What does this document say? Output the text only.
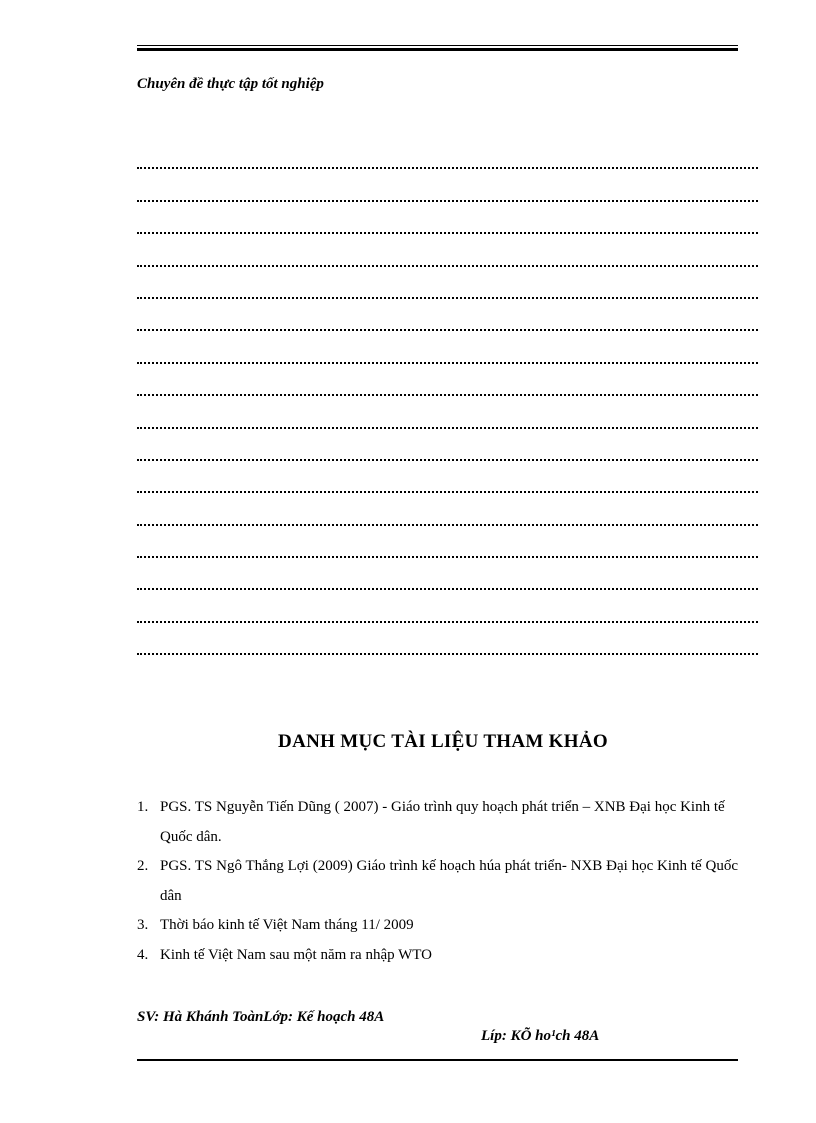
Chuyên đề thực tập tốt nghiệp
DANH MỤC TÀI LIỆU THAM KHẢO
1. PGS. TS Nguyễn Tiến Dũng ( 2007) - Giáo trình quy hoạch phát triển – XNB Đại học Kinh tế Quốc dân.
2. PGS. TS Ngô Thắng Lợi (2009) Giáo trình kế hoạch húa phát triển- NXB Đại học Kinh tế Quốc dân
3. Thời báo kinh tế Việt Nam tháng 11/ 2009
4. Kinh tế Việt Nam sau một năm ra nhập WTO
SV: Hà Khánh ToànLớp: Kế hoạch 48A
Líp: KÕ ho¹ch 48A
